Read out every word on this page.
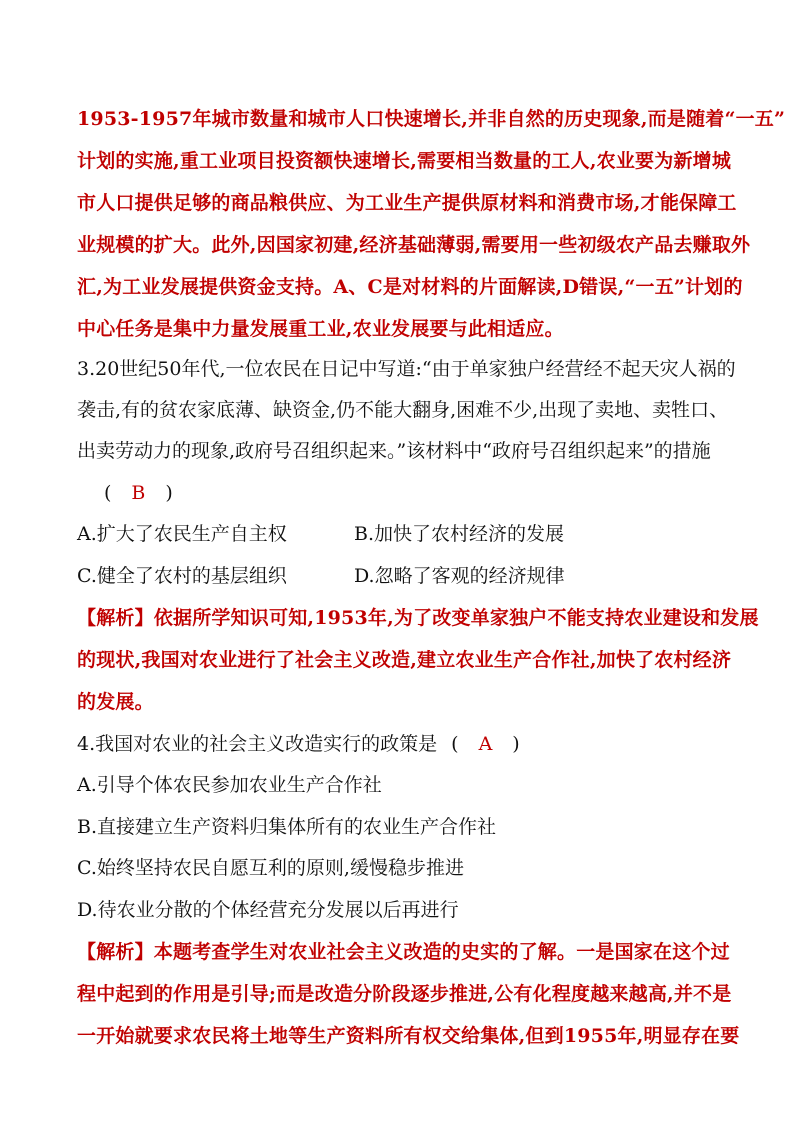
1953-1957年城市数量和城市人口快速增长,并非自然的历史现象,而是随着“一五”
计划的实施,重工业项目投资额快速增长,需要相当数量的工人,农业要为新增城
市人口提供足够的商品粮供应、为工业生产提供原材料和消费市场,才能保障工
业规模的扩大。此外,因国家初建,经济基础薄弱,需要用一些初级农产品去赚取外
汇,为工业发展提供资金支持。A、C是对材料的片面解读,D错误,“一五”计划的
中心任务是集中力量发展重工业,农业发展要与此相适应。
3.20世纪50年代,一位农民在日记中写道:“由于单家独户经营经不起天灾人祸的
袭击,有的贫农家底薄、缺资金,仍不能大翻身,困难不少,出现了卖地、卖牲口、
出卖劳动力的现象,政府号召组织起来。”该材料中“政府号召组织起来”的措施
( B )
A.扩大了农民生产自主权	B.加快了农村经济的发展
C.健全了农村的基层组织	D.忽略了客观的经济规律
【解析】依据所学知识可知,1953年,为了改变单家独户不能支持农业建设和发展
的现状,我国对农业进行了社会主义改造,建立农业生产合作社,加快了农村经济
的发展。
4.我国对农业的社会主义改造实行的政策是 ( A )
A.引导个体农民参加农业生产合作社
B.直接建立生产资料归集体所有的农业生产合作社
C.始终坚持农民自愿互利的原则,缓慢稳步推进
D.待农业分散的个体经营充分发展以后再进行
【解析】本题考查学生对农业社会主义改造的史实的了解。一是国家在这个过
程中起到的作用是引导;而是改造分阶段逐步推进,公有化程度越来越高,并不是
一开始就要求农民将土地等生产资料所有权交给集体,但到1955年,明显存在要
